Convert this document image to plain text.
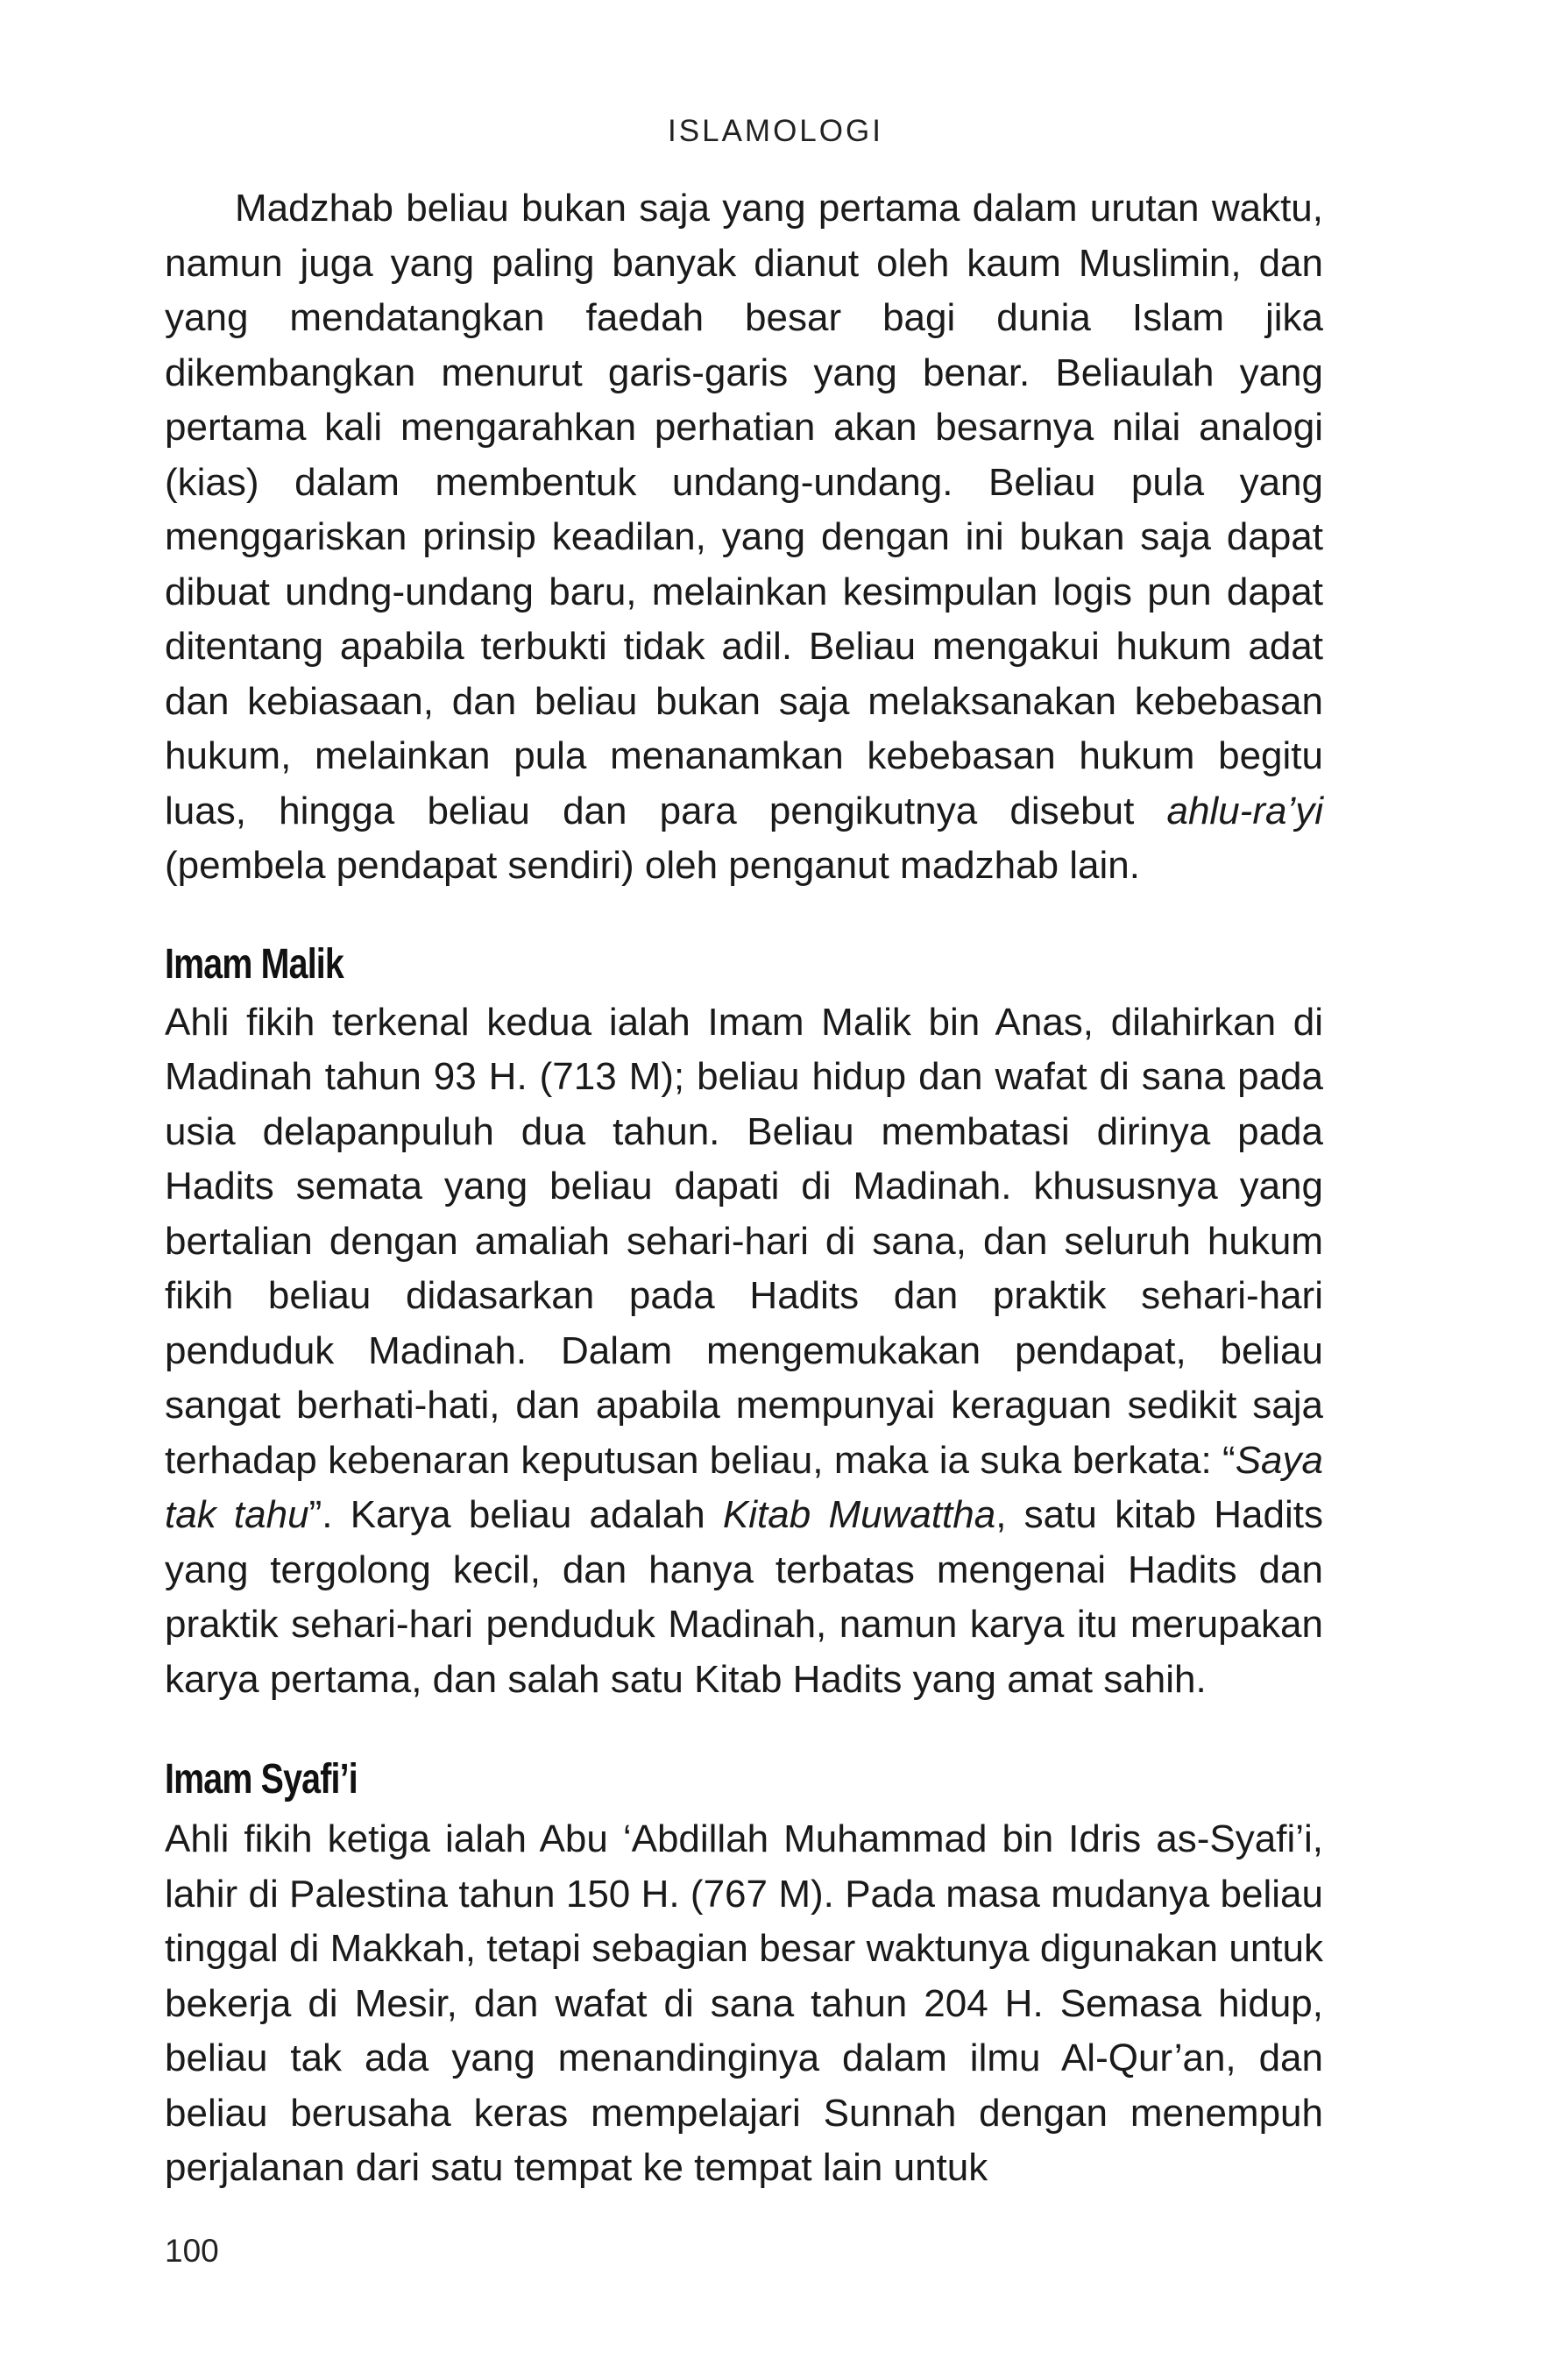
ISLAMOLOGI

Madzhab beliau bukan saja yang pertama dalam urutan waktu, namun juga yang paling banyak dianut oleh kaum Muslimin, dan yang mendatangkan faedah besar bagi dunia Islam jika dikembangkan menurut garis-garis yang benar. Beliaulah yang pertama kali mengarahkan perhatian akan besarnya nilai analogi (kias) dalam membentuk undang-undang. Beliau pula yang menggariskan prinsip keadilan, yang dengan ini bukan saja dapat dibuat undng-undang baru, melainkan kesimpulan logis pun dapat ditentang apabila terbukti tidak adil. Beliau mengakui hukum adat dan kebiasaan, dan beliau bukan saja melaksanakan kebebasan hukum, melainkan pula menanamkan kebebasan hukum begitu luas, hingga beliau dan para pengikutnya disebut ahlu-ra’yi (pembela pendapat sendiri) oleh penganut madzhab lain.

Imam Malik

Ahli fikih terkenal kedua ialah Imam Malik bin Anas, dilahirkan di Madinah tahun 93 H. (713 M); beliau hidup dan wafat di sana pada usia delapanpuluh dua tahun. Beliau membatasi dirinya pada Hadits semata yang beliau dapati di Madinah. khususnya yang bertalian dengan amaliah sehari-hari di sana, dan seluruh hukum fikih beliau didasarkan pada Hadits dan praktik sehari-hari penduduk Madinah. Dalam mengemukakan pendapat, beliau sangat berhati-hati, dan apabila mempunyai keraguan sedikit saja terhadap kebenaran keputusan beliau, maka ia suka berkata: “Saya tak tahu”. Karya beliau adalah Kitab Muwattha, satu kitab Hadits yang tergolong kecil, dan hanya terbatas mengenai Hadits dan praktik sehari-hari penduduk Madinah, namun karya itu merupakan karya pertama, dan salah satu Kitab Hadits yang amat sahih.

Imam Syafi’i

Ahli fikih ketiga ialah Abu ‘Abdillah Muhammad bin Idris as-Syafi’i, lahir di Palestina tahun 150 H. (767 M). Pada masa mudanya beliau tinggal di Makkah, tetapi sebagian besar waktunya digunakan untuk bekerja di Mesir, dan wafat di sana tahun 204 H. Semasa hidup, beliau tak ada yang menandinginya dalam ilmu Al-Qur’an, dan beliau berusaha keras mempelajari Sunnah dengan menempuh perjalanan dari satu tempat ke tempat lain untuk

100
